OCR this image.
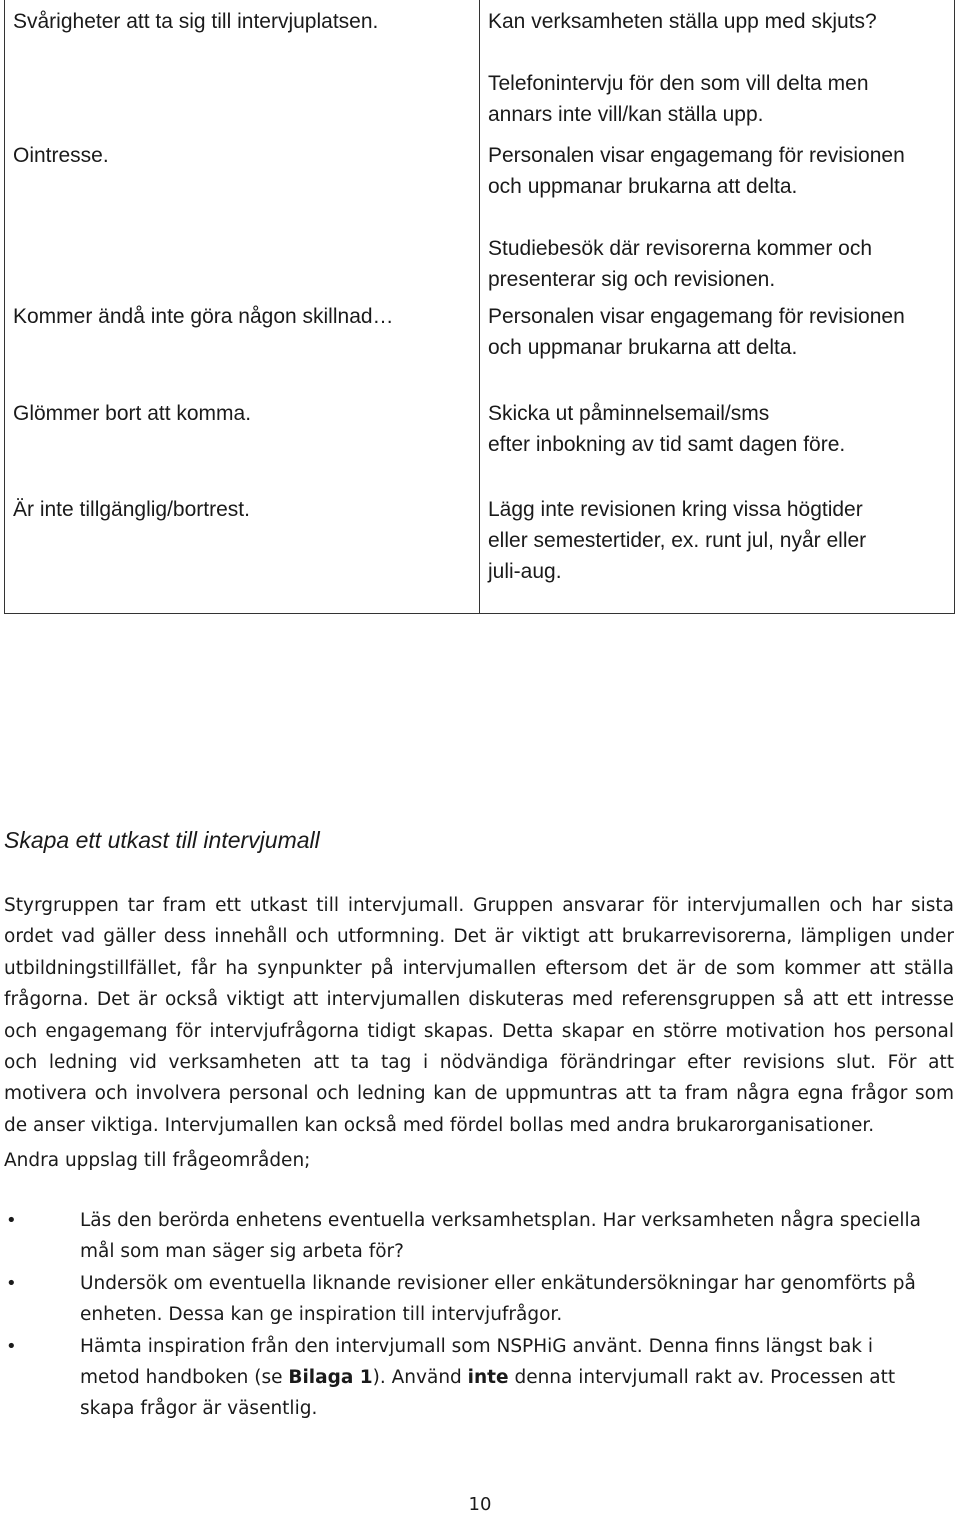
Svårigheter att ta sig till intervjuplatsen.	Kan verksamheten ställa upp med skjuts?

Telefonintervju för den som vill delta men
annars inte vill/kan ställa upp.

Ointresse.	Personalen visar engagemang för revisionen
och uppmanar brukarna att delta.

Studiebesök där revisorerna kommer och
presenterar sig och revisionen.

Kommer ändå inte göra någon skillnad…	Personalen visar engagemang för revisionen
och uppmanar brukarna att delta.

Glömmer bort att komma.	Skicka ut påminnelsemail/sms
efter inbokning av tid samt dagen före.

Är inte tillgänglig/bortrest.	Lägg inte revisionen kring vissa högtider
eller semestertider, ex. runt jul, nyår eller
juli-aug.
Skapa ett utkast till intervjumall
Styrgruppen tar fram ett utkast till intervjumall. Gruppen ansvarar för intervjumallen och har sista ordet vad gäller dess innehåll och utformning. Det är viktigt att brukarrevisorerna, lämpligen under utbildningstillfället, får ha synpunkter på intervjumallen eftersom det är de som kommer att ställa frågorna. Det är också viktigt att intervjumallen diskuteras med referensgruppen så att ett intresse och engagemang för intervjufrågorna tidigt skapas. Detta skapar en större motivation hos personal och ledning vid verksamheten att ta tag i nödvändiga förändringar efter revisions slut. För att motivera och involvera personal och ledning kan de uppmuntras att ta fram några egna frågor som de anser viktiga. Intervjumallen kan också med fördel bollas med andra brukarorganisationer.
Andra uppslag till frågeområden;
•	Läs den berörda enhetens eventuella verksamhetsplan. Har verksamheten några speciella mål som man säger sig arbeta för?
•	Undersök om eventuella liknande revisioner eller enkätundersökningar har genomförts på enheten. Dessa kan ge inspiration till intervjufrågor.
•	Hämta inspiration från den intervjumall som NSPHiG använt. Denna finns längst bak i metod handboken (se Bilaga 1). Använd inte denna intervjumall rakt av. Processen att skapa frågor är väsentlig.
10
